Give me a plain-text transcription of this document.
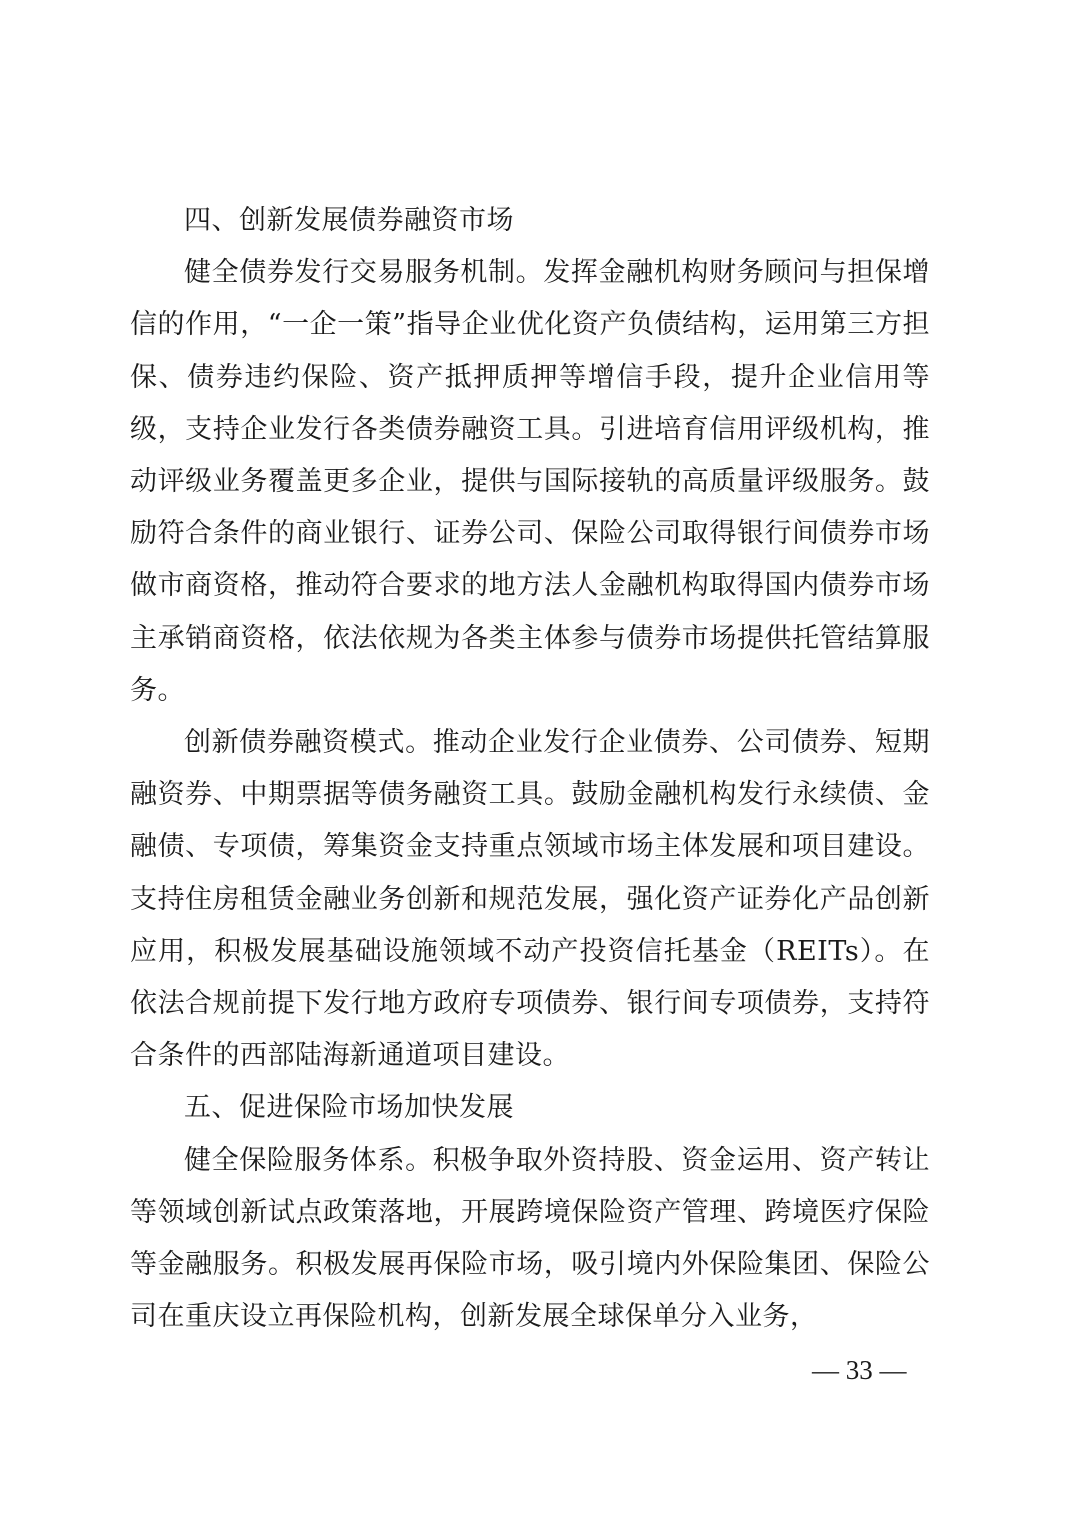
四、创新发展债券融资市场

健全债券发行交易服务机制。发挥金融机构财务顾问与担保增信的作用，“一企一策”指导企业优化资产负债结构，运用第三方担保、债券违约保险、资产抵押质押等增信手段，提升企业信用等级，支持企业发行各类债券融资工具。引进培育信用评级机构，推动评级业务覆盖更多企业，提供与国际接轨的高质量评级服务。鼓励符合条件的商业银行、证券公司、保险公司取得银行间债券市场做市商资格，推动符合要求的地方法人金融机构取得国内债券市场主承销商资格，依法依规为各类主体参与债券市场提供托管结算服务。

创新债券融资模式。推动企业发行企业债券、公司债券、短期融资券、中期票据等债务融资工具。鼓励金融机构发行永续债、金融债、专项债，筹集资金支持重点领域市场主体发展和项目建设。支持住房租赁金融业务创新和规范发展，强化资产证券化产品创新应用，积极发展基础设施领域不动产投资信托基金（REITs）。在依法合规前提下发行地方政府专项债券、银行间专项债券，支持符合条件的西部陆海新通道项目建设。

五、促进保险市场加快发展

健全保险服务体系。积极争取外资持股、资金运用、资产转让等领域创新试点政策落地，开展跨境保险资产管理、跨境医疗保险等金融服务。积极发展再保险市场，吸引境内外保险集团、保险公司在重庆设立再保险机构，创新发展全球保单分入业务，

— 33 —
